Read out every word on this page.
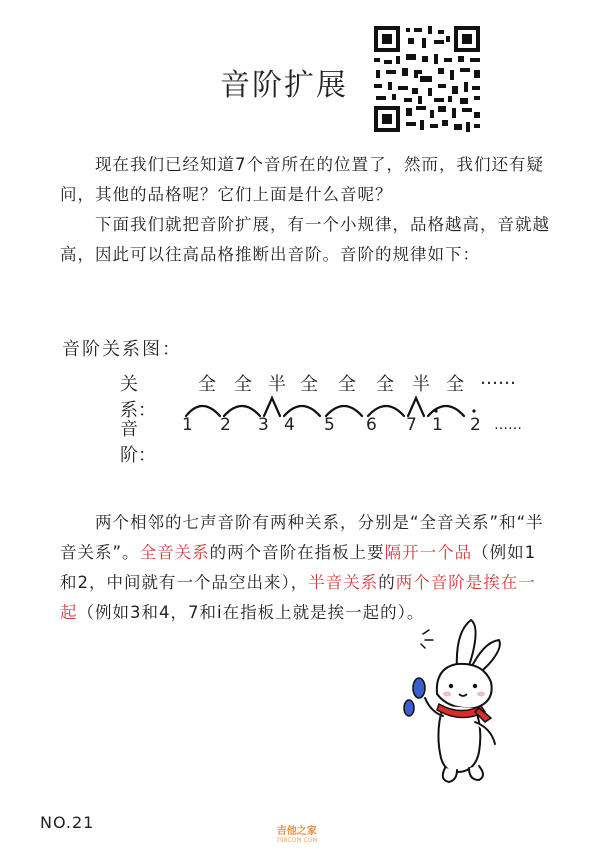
音阶扩展
　　现在我们已经知道7个音所在的位置了，然而，我们还有疑问，其他的品格呢？它们上面是什么音呢？
　　下面我们就把音阶扩展，有一个小规律，品格越高，音就越高，因此可以往高品格推断出音阶。音阶的规律如下：
音阶关系图：
关系：
全 全 半 全 全 全 半 全 ……
音阶：
1 2 3 4 5 6 7 1 2 ……
　　两个相邻的七声音阶有两种关系，分别是“全音关系”和“半音关系”。全音关系的两个音阶在指板上要隔开一个品（例如1和2，中间就有一个品空出来），半音关系的两个音阶是挨在一起（例如3和4，7和i在指板上就是挨一起的）。
NO.21	吉他之家
798COM.COM
